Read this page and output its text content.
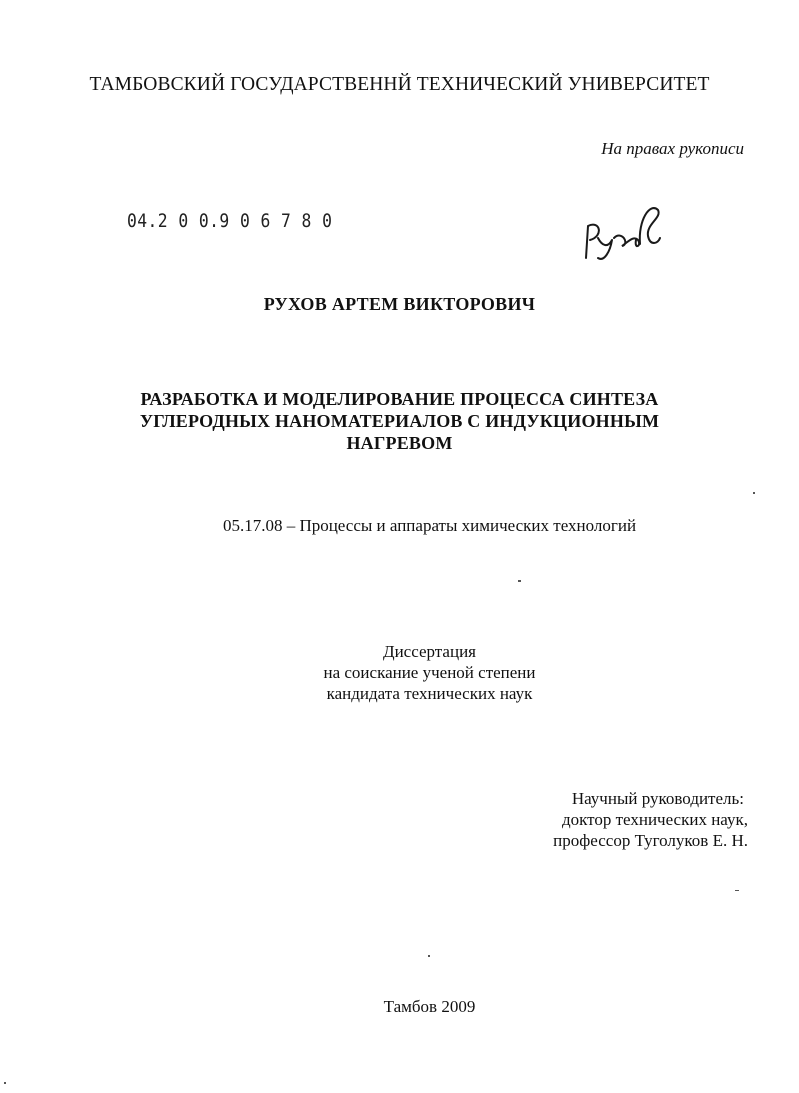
ТАМБОВСКИЙ ГОСУДАРСТВЕННЙ ТЕХНИЧЕСКИЙ УНИВЕРСИТЕТ
На правах рукописи
04.2 0 0.9 0 6 7 8 0
РУХОВ АРТЕМ ВИКТОРОВИЧ
РАЗРАБОТКА И МОДЕЛИРОВАНИЕ ПРОЦЕССА СИНТЕЗА
УГЛЕРОДНЫХ НАНОМАТЕРИАЛОВ С ИНДУКЦИОННЫМ
НАГРЕВОМ
05.17.08 – Процессы и аппараты химических технологий
Диссертация
на соискание ученой степени
кандидата технических наук
Научный руководитель:
доктор технических наук,
профессор Туголуков Е. Н.
Тамбов 2009
